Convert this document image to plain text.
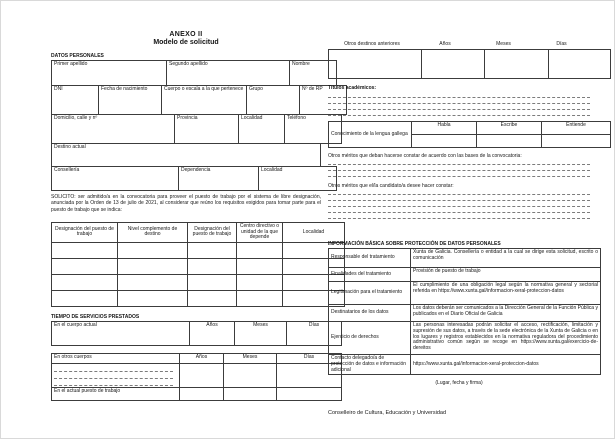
ANEXO II
Modelo de solicitud
DATOS PERSONALES
Primer apellido	Segundo apellido	Nombre
DNI	Fecha de nacimiento	Cuerpo o escala a la que pertenece	Grupo	Nº de RP
Domicilio, calle y nº	Provincia	Localidad	Teléfono
Destino actual
Consellería	Dependencia	Localidad
SOLICITO: ser admitido/a en la convocatoria para proveer el puesto de trabajo por el sistema de libre designación, anunciada por la Orden de 13 de julio de 2021, al considerar que reúno los requisitos exigidos para tomar parte para el puesto de trabajo que se indica:
Designación del puesto de trabajo	Nivel complemento de destino	Designación del puesto de trabajo	Centro directivo o unidad de la que depende	Localidad

TIEMPO DE SERVICIOS PRESTADOS
En el cuerpo actual	Años	Meses	Días
En otros cuerpos	Años	Meses	Días

En el actual puesto de trabajo			
Otros destinos anteriores	Años	Meses	Días

Títulos académicos:
Conocimiento de la lengua gallega	Habla	Escribe	Entiende

Otros méritos que deban hacerse constar de acuerdo con las bases de la convocatoria:
Otros méritos que el/la candidato/a desee hacer constar:
INFORMACIÓN BÁSICA SOBRE PROTECCIÓN DE DATOS PERSONALES
Responsable del tratamiento	Xunta de Galicia. Consellería o entidad a la cual se dirige esta solicitud, escrito o comunicación
Finalidades del tratamiento	Provisión de puesto de trabajo
Legitimación para el tratamiento	El cumplimiento de una obligación legal según la normativa general y sectorial referida en https://www.xunta.gal/informacion-xeral-proteccion-datos
Destinatarios de los datos	Los datos deberán ser comunicados a la Dirección General de la Función Pública y publicados en el Diario Oficial de Galicia
Ejercicio de derechos	Las personas interesadas podrán solicitar el acceso, rectificación, limitación y supresión de sus datos, a través de la sede electrónica de la Xunta de Galicia o en los lugares y registros establecidos en la normativa reguladora del procedimiento administrativo común según se recoge en https://www.xunta.gal/exercicio-de-dereitos
Contacto delegado/a de protección de datos e información adicional	https://www.xunta.gal/informacion-xeral-proteccion-datos
(Lugar, fecha y firma)
Conselleiro de Cultura, Educación y Universidad
